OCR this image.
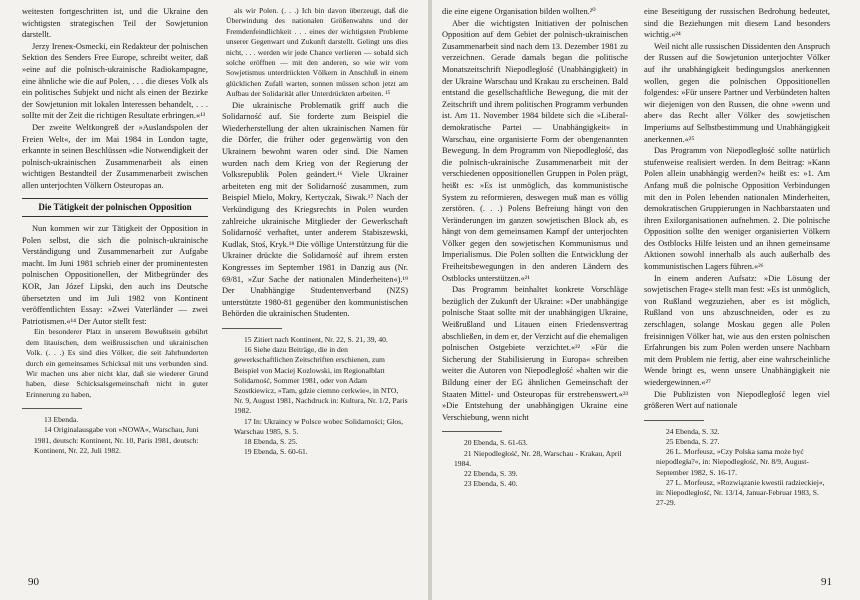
weitesten fortgeschritten ist, und die Ukraine den wichtigsten strategischen Teil der Sowjetunion darstellt.

Jerzy Ireneк-Osmecki, ein Redakteur der polnischen Sektion des Senders Free Europe, schreibt weiter, daß »eine auf die polnisch-ukrainische Radiokampagne, eine ähnliche wie die auf Polen, . . . die dieses Volk als ein politisches Subjekt und nicht als einen der Bezirke der Sowjetunion mit lokalen Interessen behandelt, . . . solIte mit der Zeit die richtigen Resultate erbringen.«¹³

Der zweite Weltkongreß der »Auslandspolen der Freien Welt«, der im Mai 1984 in London tagte, erkannte in seinen Beschlüssen »die Notwendigkeit der polnisch-ukrainischen Zusammenarbeit als einen wichtigen Bestandteil der Zusammenarbeit zwischen allen unterjochten Völkern Osteuropas an.

Die Tätigkeit der polnischen Opposition

Nun kommen wir zur Tätigkeit der Opposition in Polen selbst, die sich die polnisch-ukrainische Verständigung und Zusammenarbeit zur Aufgabe macht. Im Juni 1981 schrieb einer der prominentesten polnischen Oppositionellen, der Mitbegründer des KOR, Jan Józef Lipski, den auch ins Deutsche übersetzten und im Juli 1982 von Kontinent veröffentlichten Essay: »Zwei Vaterländer — zwei Patriotismen.«¹⁴ Der Autor stellt fest:

Ein besonderer Platz in unserem Bewußtsein gebührt dem litauischen, dem weißrussischen und ukrainischen Volk. (. . .) Es sind dies Völker, die seit Jahrhunderten durch ein gemeinsames Schicksal mit uns verbunden sind. Wir machen uns aber nicht klar, daß sie wiederer Grund haben, diese Schicksalsgemeinschaft nicht in guter Erinnerung zu haben,

13 Ebenda.

14 Originalausgabe von »NOWA«, Warschau, Juni 1981, deutsch: Kontinent, Nr. 10, Paris 1981, deutsch: Kontinent, Nr. 22, Juli 1982.

als wir Polen. (. . .) Ich bin davon überzeugt, daß die Überwindung des nationalen Größenwahns und der Fremdenfeindlichkeit . . . eines der wichtigsten Probleme unserer Gegenwart und Zukunft darstellt. Gelingt uns dies nicht, . . . werden wir jede Chance verlieren — sobald sich solche eröffnen — mit den anderen, so wie wir vom Sowjetismus unterdrückten Völkern in Anschluß in einem glücklichen Zufall warten, sonnen müssen schon jetzt am Aufbau der Solidarität aller Unterdrückten arbeiten. ¹⁵

Die ukrainische Problematik griff auch die Solidarność auf. Sie forderte zum Beispiel die Wiederherstellung der alten ukrainischen Namen für die Dörfer, die früher oder gegenwärtig von den Ukrainern bewohnt waren oder sind. Die Namen wurden nach dem Krieg von der Regierung der Volksrepublik Polen geändert.¹⁶ Viele Ukrainer arbeiteten eng mit der Solidarność zusammen, zum Beispiel Mielo, Mokry, Kertyczak, Siwak.¹⁷ Nach der Verkündigung des Kriegsrechts in Polen wurden zahlreiche ukrainische Mitglieder der Gewerkschaft Solidarność verhaftet, unter anderem Stabiszewski, Kudlak, Stoś, Kryk.¹⁸ Die völlige Unterstützung für die Ukrainer drückte die Solidarność auf ihrem ersten Kongresses im September 1981 in Danzig aus (Nr. 69/81, »Zur Sache der nationalen Minderheiten«).¹⁹ Der Unabhängige Studentenverband (NZS) unterstützte 1980-81 gegenüber den kommunistischen Behörden die ukrainischen Studenten.

15 Zitiert nach Kontinent, Nr. 22, S. 21, 39, 40.

16 Siehe dazu Beiträge, die in den gewerkschaftlichen Zeitschriften erschienen, zum Beispiel von Maciej Kozlowski, im Regionalblatt Solidarność, Sommer 1981, oder von Adam Szostkiewicz, »Tam, gdzie ciemno cerkwie«, in NTO, Nr. 9, August 1981, Nachdruck in: Kultura, Nr. 1/2, Paris 1982.

17 In: Ukraincy w Polsce wobec Solidarności; Głos, Warschau 1985, S. 5.

18 Ebenda, S. 25.

19 Ebenda, S. 60-61.

90

die eine eigene Organisation bilden wollten.²⁰

Aber die wichtigsten Initiativen der polnischen Opposition auf dem Gebiet der polnisch-ukrainischen Zusammenarbeit sind nach dem 13. Dezember 1981 zu verzeichnen. Gerade damals began die politische Monatszeitschrift Niepodległość (Unabhängigkeit) in der Ukraine Warschau und Krakau zu erscheinen. Bald entstand die gesellschaftliche Bewegung, die mit der Zeitschrift und ihrem politischen Programm verbunden ist. Am 11. November 1984 bildete sich die »Liberal-demokratische Partei — Unabhängigkeit« in Warschau, eine organisierte Form der obengenannten Bewegung. In dem Programm von Niepodległość, das die polnisch-ukrainische Zusammenarbeit mit der verschiedenen oppositionellen Gruppen in Polen prägt, heißt es: »Es ist unmöglich, das kommunistische System zu reformieren, deswegen muß man es völlig zerstören. (. . .) Polens Befreiung hängt von den Veränderungen im ganzen sowjetischen Block ab, es hängt von dem gemeinsamen Kampf der unterjochten Völker gegen den sowjetischen Kommunismus und Imperialismus. Die Polen sollten die Entwicklung der Freiheitsbewegungen in den anderen Ländern des Ostblocks unterstützen.«²¹

Das Programm beinhaltet konkrete Vorschläge bezüglich der Zukunft der Ukraine: »Der unabhängige polnische Staat sollte mit der unabhängigen Ukraine, Weißrußland und Litauen einen Friedensvertrag abschließen, in dem er, der Verzicht auf die ehemaligen polnischen Ostgebiete verzichtet.«²² »Für die Sicherung der Stabilisierung in Europa« schreiben weiter die Autoren von Niepodległość »halten wir die Bildung einer der EG ähnlichen Gemeinschaft der Staaten Mittel- und Osteuropas für erstrebenswert.«²³ »Die Entstehung der unabhängigen Ukraine eine Verschiebung, wenn nicht

20 Ebenda, S. 61-63.

21 Niepodległość, Nr. 28, Warschau - Krakau, April 1984.

22 Ebenda, S. 39.

23 Ebenda, S. 40.

eine Beseitigung der russischen Bedrohung bedeutet, sind die Beziehungen mit diesem Land besonders wichtig.«²⁴

Weil nicht alle russischen Dissidenten den Anspruch der Russen auf die Sowjetunion unterjochter Völker auf ihr unabhängigkeit bedingungslos anerkennen wollen, gegen die polnischen Oppositionellen folgendes: »Für unsere Partner und Verbündeten halten wir diejenigen von den Russen, die ohne »wenn und aber« das Recht aller Völker des sowjetischen Imperiums auf Selbstbestimmung und Unabhängigkeit anerkennen.«²⁵

Das Programm von Niepodległość sollte natürlich stufenweise realisiert werden. In dem Beitrag: »Kann Polen allein unabhängig werden?« heißt es: »1. Am Anfang muß die polnische Opposition Verbindungen mit den in Polen lebenden nationalen Minderheiten, demokratischen Gruppierungen in Nachbarstaaten und ihren Exilorganisationen aufnehmen. 2. Die polnische Opposition sollte den weniger organisierten Völkern des Ostblocks Hilfe leisten und an ihnen gemeinsame Aktionen sowohl innerhalb als auch außerhalb des kommunistischen Lagers führen.«²⁶

In einem anderen Aufsatz: »Die Lösung der sowjetischen Frage« stellt man fest: »Es ist unmöglich, von Rußland wegzuziehen, aber es ist möglich, Rußland von uns abzuschneiden, oder es zu zerschlagen, solange Moskau gegen alle Polen freisinnigen Völker hat, wie aus den ersten polnischen Erfahrungen bis zum Polen werden unsere Nachbarn mit dem Problem nie fertig, aber eine wahrscheinliche Wende bringt es, wenn unsere Unabhängigkeit nie wiedergewinnen.«²⁷

Die Publizisten von Niepodległość legen viel größeren Wert auf nationale

24 Ebenda, S. 32.

25 Ebenda, S. 27.

26 L. Morfeusz, »Czy Polska sama może być niepodległa?«, in: Niepodległość, Nr. 8/9, August-September 1982, S. 16-17.

27 L. Morfeusz, »Rozwiązanie kwestii radzieckiej«, in: Niepodległość, Nr. 13/14, Januar-Februar 1983, S. 27-29.

91
